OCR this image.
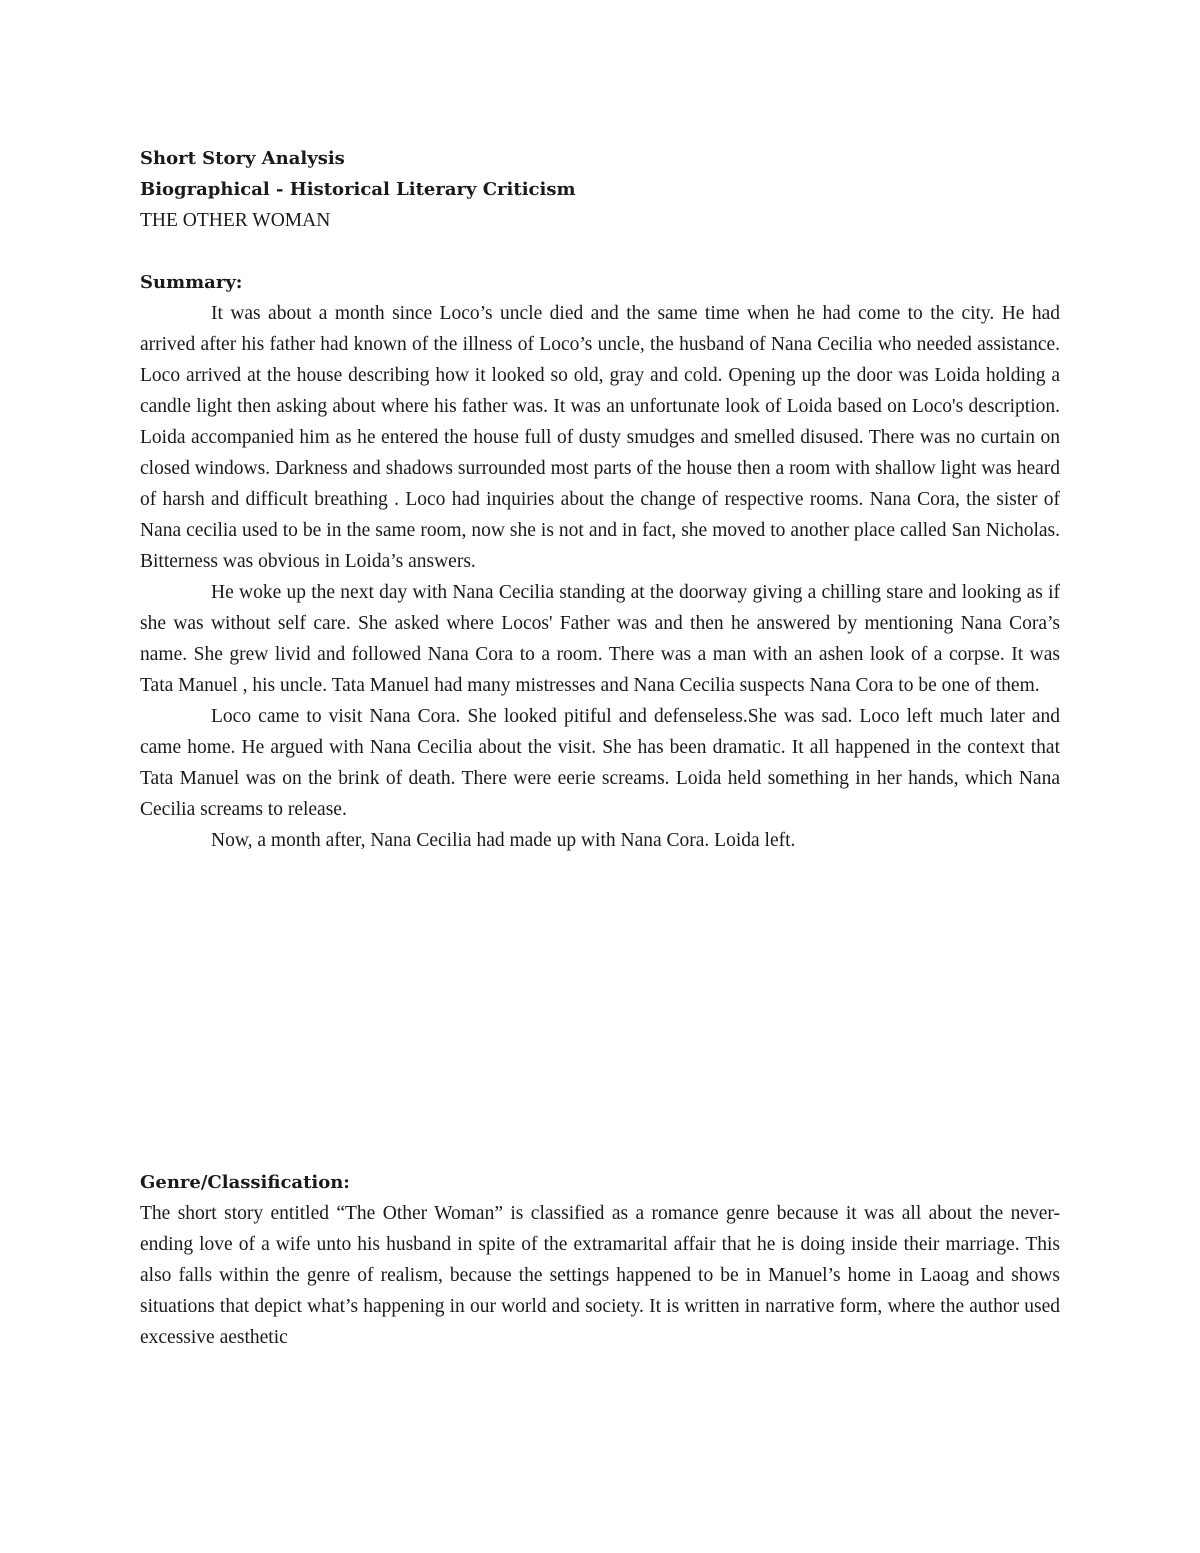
Short Story Analysis

Biographical - Historical Literary Criticism

THE OTHER WOMAN

Summary:

It was about a month since Loco’s uncle died and the same time when he had come to the city. He had arrived after his father had known of the illness of Loco’s uncle, the husband of Nana Cecilia who needed assistance. Loco arrived at the house describing how it looked so old, gray and cold. Opening up the door was Loida holding a candle light then asking about where his father was. It was an unfortunate look of Loida based on Loco's description. Loida accompanied him as he entered the house full of dusty smudges and smelled disused. There was no curtain on closed windows. Darkness and shadows surrounded most parts of the house then a room with shallow light was heard of harsh and difficult breathing . Loco had inquiries about the change of respective rooms. Nana Cora, the sister of Nana cecilia used to be in the same room, now she is not and in fact, she moved to another place called San Nicholas. Bitterness was obvious in Loida’s answers.

He woke up the next day with Nana Cecilia standing at the doorway giving a chilling stare and looking as if she was without self care. She asked where Locos' Father was and then he answered by mentioning Nana Cora’s name. She grew livid and followed Nana Cora to a room. There was a man with an ashen look of a corpse. It was Tata Manuel , his uncle. Tata Manuel had many mistresses and Nana Cecilia suspects Nana Cora to be one of them.

Loco came to visit Nana Cora. She looked pitiful and defenseless.She was sad. Loco left much later and came home. He argued with Nana Cecilia about the visit. She has been dramatic. It all happened in the context that Tata Manuel was on the brink of death. There were eerie screams. Loida held something in her hands, which Nana Cecilia screams to release.

Now, a month after, Nana Cecilia had made up with Nana Cora. Loida left.

Genre/Classification:

The short story entitled “The Other Woman” is classified as a romance genre because it was all about the never-ending love of a wife unto his husband in spite of the extramarital affair that he is doing inside their marriage. This also falls within the genre of realism, because the settings happened to be in Manuel’s home in Laoag and shows situations that depict what’s happening in our world and society. It is written in narrative form, where the author used excessive aesthetic
